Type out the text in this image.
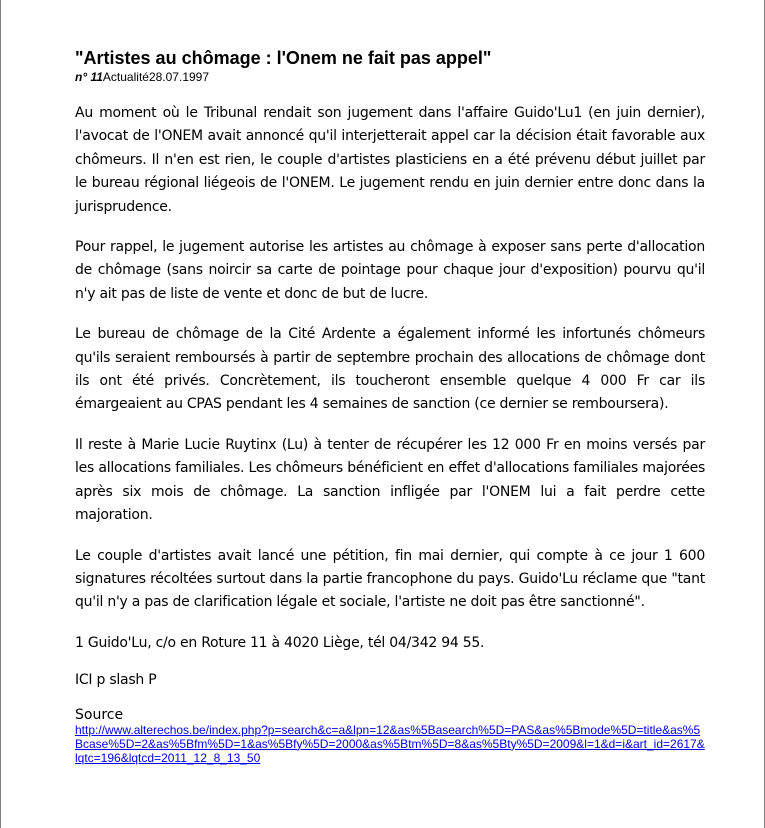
"Artistes au chômage : l'Onem ne fait pas appel"

n° 11Actualité28.07.1997

Au moment où le Tribunal rendait son jugement dans l'affaire Guido'Lu1 (en juin dernier), l'avocat de l'ONEM avait annoncé qu'il interjetterait appel car la décision était favorable aux chômeurs. Il n'en est rien, le couple d'artistes plasticiens en a été prévenu début juillet par le bureau régional liégeois de l'ONEM. Le jugement rendu en juin dernier entre donc dans la jurisprudence.

Pour rappel, le jugement autorise les artistes au chômage à exposer sans perte d'allocation de chômage (sans noircir sa carte de pointage pour chaque jour d'exposition) pourvu qu'il n'y ait pas de liste de vente et donc de but de lucre.

Le bureau de chômage de la Cité Ardente a également informé les infortunés chômeurs qu'ils seraient remboursés à partir de septembre prochain des allocations de chômage dont ils ont été privés. Concrètement, ils toucheront ensemble quelque 4 000 Fr car ils émargeaient au CPAS pendant les 4 semaines de sanction (ce dernier se remboursera).

Il reste à Marie Lucie Ruytinx (Lu) à tenter de récupérer les 12 000 Fr en moins versés par les allocations familiales. Les chômeurs bénéficient en effet d'allocations familiales majorées après six mois de chômage. La sanction infligée par l'ONEM lui a fait perdre cette majoration.

Le couple d'artistes avait lancé une pétition, fin mai dernier, qui compte à ce jour 1 600 signatures récoltées surtout dans la partie francophone du pays. Guido'Lu réclame que "tant qu'il n'y a pas de clarification légale et sociale, l'artiste ne doit pas être sanctionné".

1 Guido'Lu, c/o en Roture 11 à 4020 Liège, tél 04/342 94 55.

ICI p slash P

Source

http://www.alterechos.be/index.php?p=search&c=a&lpn=12&as%5Basearch%5D=PAS&as%5Bmode%5D=title&as%5Bcase%5D=2&as%5Bfm%5D=1&as%5Bfy%5D=2000&as%5Btm%5D=8&as%5Bty%5D=2009&l=1&d=i&art_id=2617&lqtc=196&lqtcd=2011_12_8_13_50
